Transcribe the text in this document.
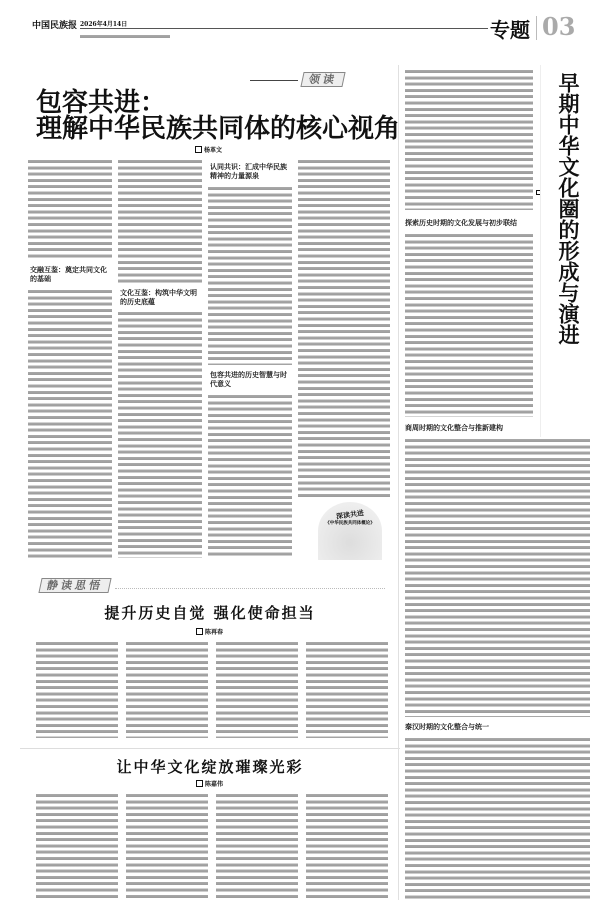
中国民族报 2026年4月14日	专题 03
领读
包容共进：
理解中华民族共同体的核心视角
杨革文
交融互鉴：奠定共同文化的基础
文化互鉴：构筑中华文明的历史底蕴
认同共识：汇成中华民族精神的力量源泉
包容共进的历史智慧与时代意义
深读共进
《中华民族共同体概论》
静读思悟
提升历史自觉 强化使命担当
陈再春
让中华文化绽放璀璨光彩
陈嘉伟
探索历史时期的文化发展与初步联结
商周时期的文化整合与推新建构
秦汉时期的文化整合与统一
早期中华文化圈的形成与演进
